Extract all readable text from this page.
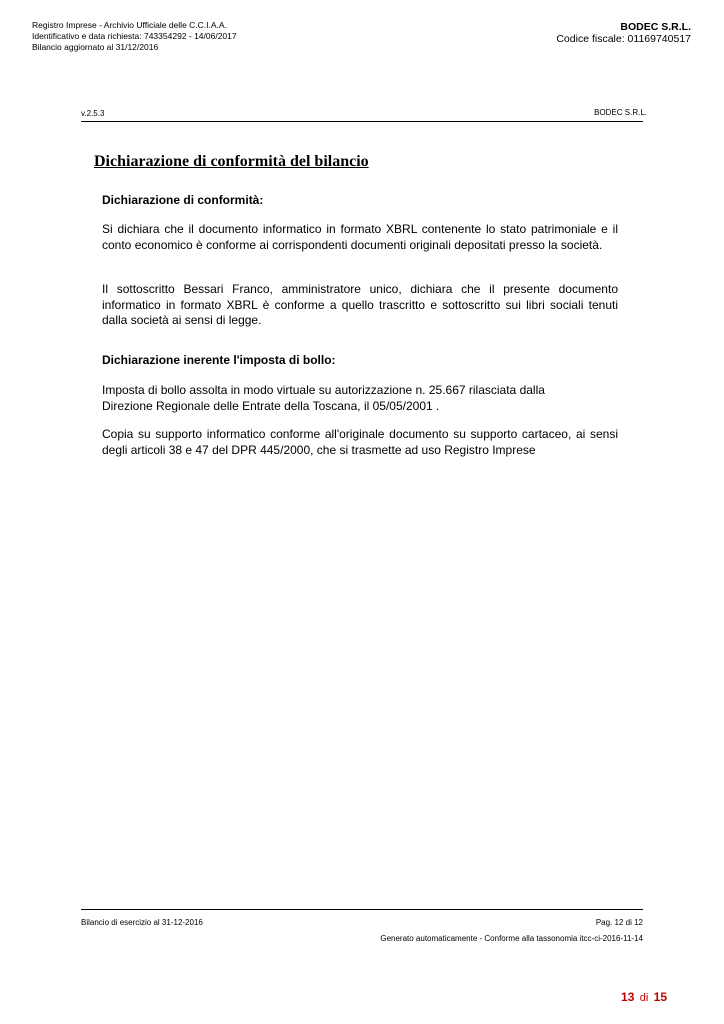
Registro Imprese - Archivio Ufficiale delle C.C.I.A.A.
Identificativo e data richiesta: 743354292 - 14/06/2017
Bilancio aggiornato al 31/12/2016
BODEC S.R.L.
Codice fiscale: 01169740517
v.2.5.3	BODEC S.R.L.
Dichiarazione di conformità del bilancio
Dichiarazione di conformità:
Si dichiara che il documento informatico in formato XBRL contenente lo stato patrimoniale e il conto economico è conforme ai corrispondenti documenti originali depositati presso la società.
Il sottoscritto Bessari Franco, amministratore unico, dichiara che il presente documento informatico in formato XBRL è conforme a quello trascritto e sottoscritto sui libri sociali tenuti dalla società ai sensi di legge.
Dichiarazione inerente l'imposta di bollo:
Imposta di bollo assolta in modo virtuale su autorizzazione n. 25.667 rilasciata dalla Direzione Regionale delle Entrate della Toscana, il 05/05/2001 .
Copia su supporto informatico conforme all'originale documento su supporto cartaceo, ai sensi degli articoli 38 e 47 del DPR 445/2000, che si trasmette ad uso Registro Imprese
Bilancio di esercizio al 31-12-2016	Pag. 12 di 12
Generato automaticamente - Conforme alla tassonomia itcc-ci-2016-11-14
13 di 15
